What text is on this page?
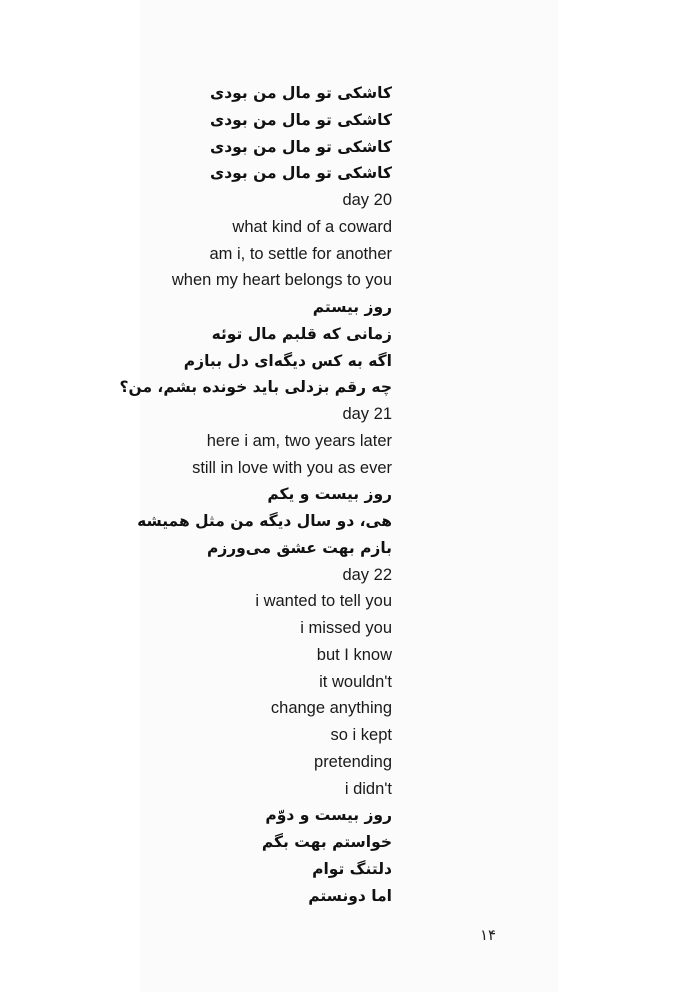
کاشکی تو مال من بودی
کاشکی تو مال من بودی
کاشکی تو مال من بودی
کاشکی تو مال من بودی
day 20
what kind of a coward
am i, to settle for another
when my heart belongs to you
روز بیستم
زمانی که قلبم مال توئه
اگه به کس دیگه‌ای دل ببازم
چه رقم بزدلی باید خونده بشم، من؟
day 21
here i am, two years later
still in love with you as ever
روز بیست و یکم
هی، دو سال دیگه من مثل همیشه
بازم بهت عشق می‌ورزم
day 22
i wanted to tell you
i missed you
but I know
it wouldn't
change anything
so i kept
pretending
i didn't
روز بیست و دوّم
خواستم بهت بگم
دلتنگ توام
اما دونستم
۱۴
